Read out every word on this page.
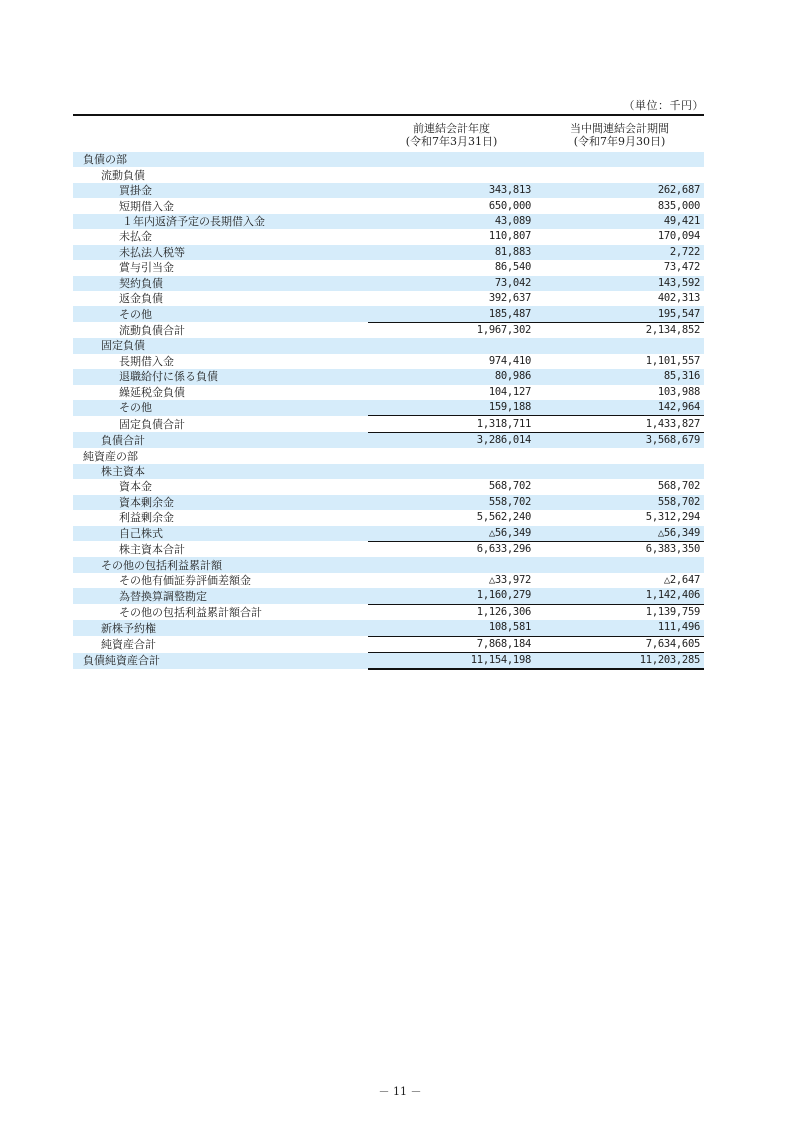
（単位：千円）
前連結会計年度
(令和7年3月31日)
当中間連結会計期間
(令和7年9月30日)
負債の部		
流動負債		
買掛金	343,813	262,687
短期借入金	650,000	835,000
１年内返済予定の長期借入金	43,089	49,421
未払金	110,807	170,094
未払法人税等	81,883	2,722
賞与引当金	86,540	73,472
契約負債	73,042	143,592
返金負債	392,637	402,313
その他	185,487	195,547
流動負債合計	1,967,302	2,134,852
固定負債		
長期借入金	974,410	1,101,557
退職給付に係る負債	80,986	85,316
繰延税金負債	104,127	103,988
その他	159,188	142,964
固定負債合計	1,318,711	1,433,827
負債合計	3,286,014	3,568,679
純資産の部		
株主資本		
資本金	568,702	568,702
資本剰余金	558,702	558,702
利益剰余金	5,562,240	5,312,294
自己株式	△56,349	△56,349
株主資本合計	6,633,296	6,383,350
その他の包括利益累計額		
その他有価証券評価差額金	△33,972	△2,647
為替換算調整勘定	1,160,279	1,142,406
その他の包括利益累計額合計	1,126,306	1,139,759
新株予約権	108,581	111,496
純資産合計	7,868,184	7,634,605
負債純資産合計	11,154,198	11,203,285
－ 11 －
